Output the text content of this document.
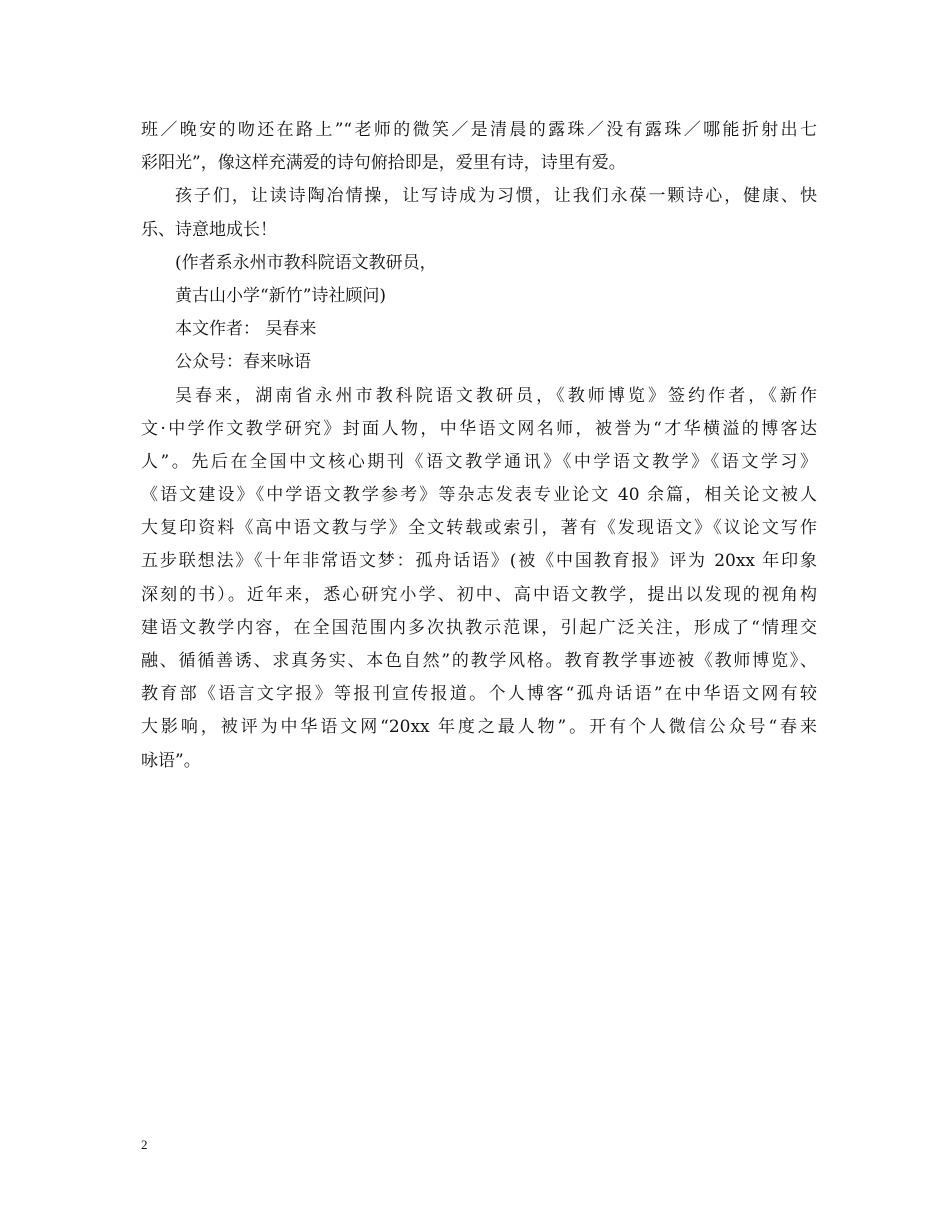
班／晚安的吻还在路上”“老师的微笑／是清晨的露珠／没有露珠／哪能折射出七
彩阳光”，像这样充满爱的诗句俯拾即是，爱里有诗，诗里有爱。
孩子们，让读诗陶冶情操，让写诗成为习惯，让我们永葆一颗诗心，健康、快
乐、诗意地成长！
(作者系永州市教科院语文教研员，
黄古山小学“新竹”诗社顾问)
本文作者： 吴春来
公众号：春来咏语
吴春来，湖南省永州市教科院语文教研员，《教师博览》签约作者，《新作
文·中学作文教学研究》封面人物，中华语文网名师，被誉为“才华横溢的博客达
人”。先后在全国中文核心期刊《语文教学通讯》《中学语文教学》《语文学习》
《语文建设》《中学语文教学参考》等杂志发表专业论文 40 余篇，相关论文被人
大复印资料《高中语文教与学》全文转载或索引，著有《发现语文》《议论文写作
五步联想法》《十年非常语文梦：孤舟话语》(被《中国教育报》评为 20xx 年印象
深刻的书）。近年来，悉心研究小学、初中、高中语文教学，提出以发现的视角构
建语文教学内容，在全国范围内多次执教示范课，引起广泛关注，形成了“情理交
融、循循善诱、求真务实、本色自然”的教学风格。教育教学事迹被《教师博览》、
教育部《语言文字报》等报刊宣传报道。个人博客“孤舟话语”在中华语文网有较
大影响，被评为中华语文网“20xx 年度之最人物”。开有个人微信公众号“春来
咏语”。
2
